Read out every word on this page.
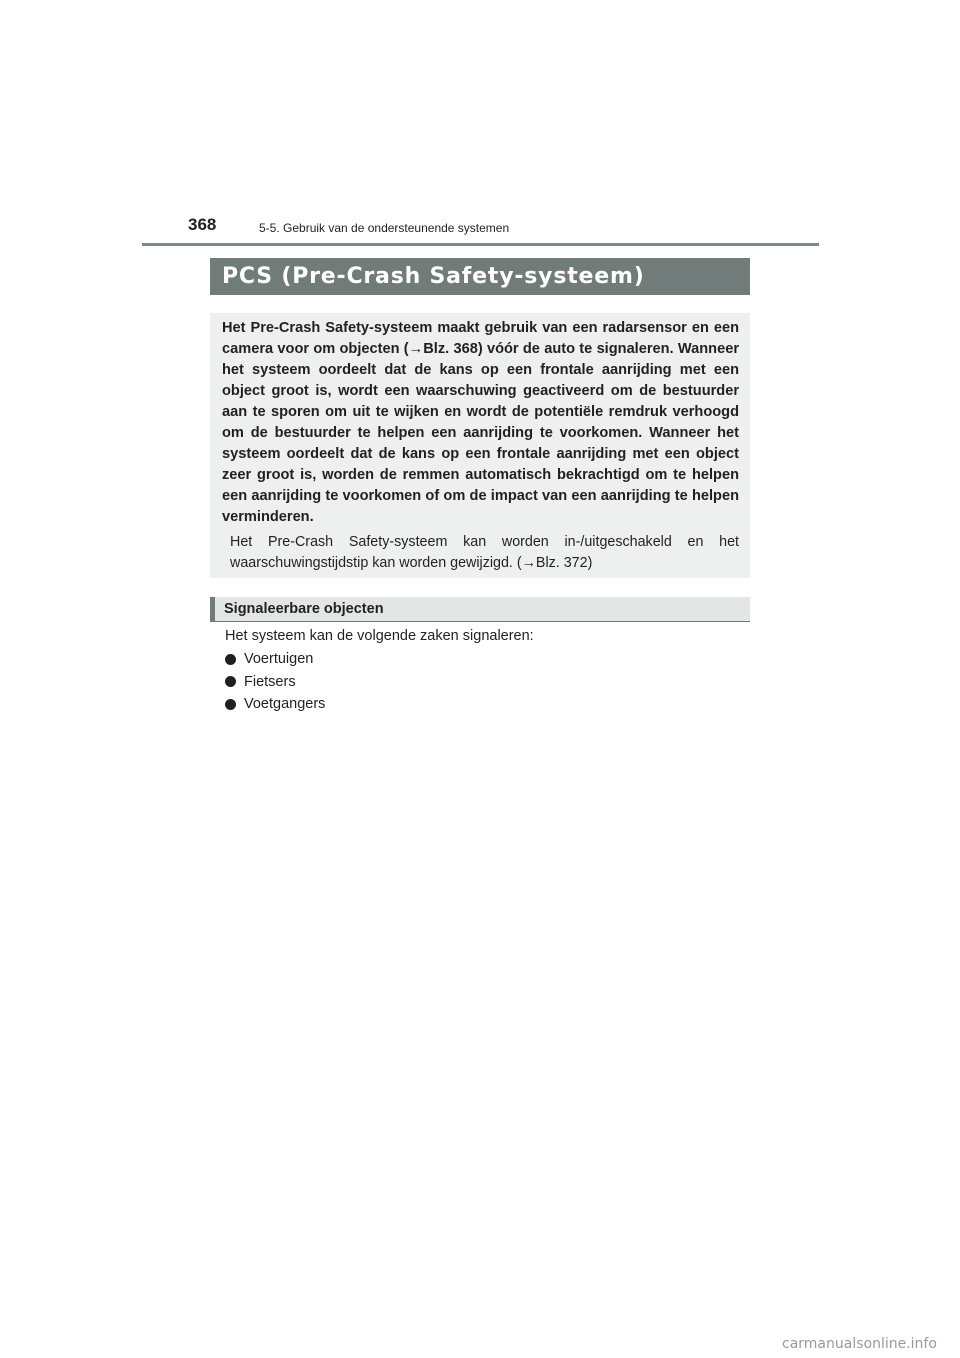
368	5-5. Gebruik van de ondersteunende systemen
PCS (Pre-Crash Safety-systeem)

Het Pre-Crash Safety-systeem maakt gebruik van een radarsensor en een camera voor om objecten (→Blz. 368) vóór de auto te signaleren. Wanneer het systeem oordeelt dat de kans op een frontale aanrijding met een object groot is, wordt een waarschuwing geactiveerd om de bestuurder aan te sporen om uit te wijken en wordt de potentiële remdruk verhoogd om de bestuurder te helpen een aanrijding te voorkomen. Wanneer het systeem oordeelt dat de kans op een frontale aanrijding met een object zeer groot is, worden de remmen automatisch bekrachtigd om te helpen een aanrijding te voorkomen of om de impact van een aanrijding te helpen verminderen.

Het Pre-Crash Safety-systeem kan worden in-/uitgeschakeld en het waarschuwingstijdstip kan worden gewijzigd. (→Blz. 372)

Signaleerbare objecten

Het systeem kan de volgende zaken signaleren:

Voertuigen
Fietsers
Voetgangers
carmanualsonline.info
